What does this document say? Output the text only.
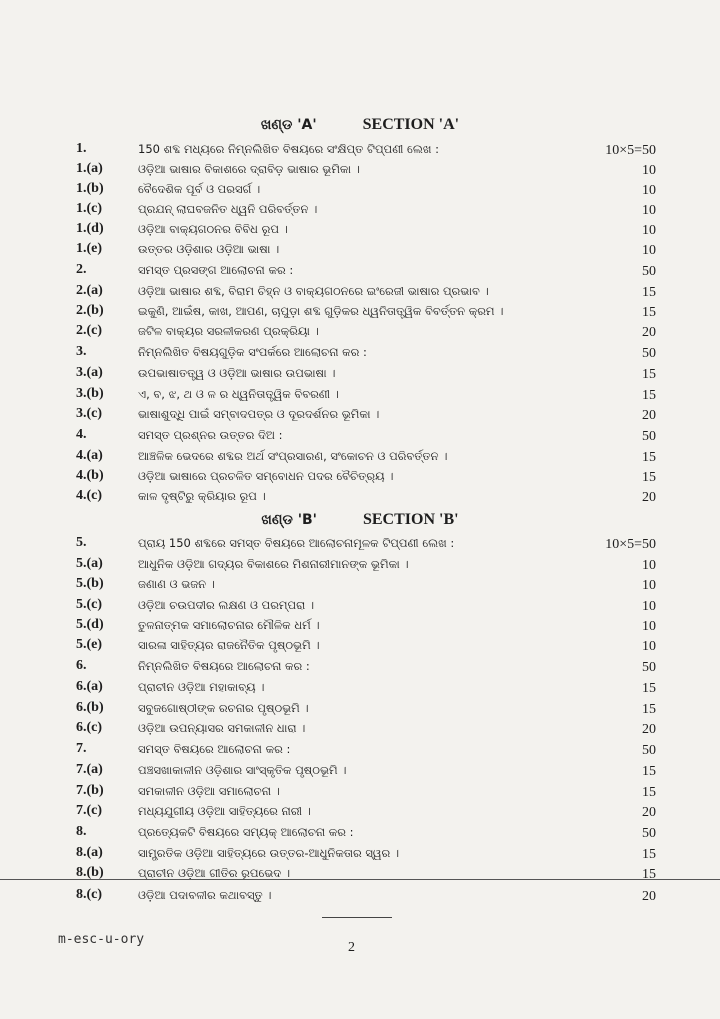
ଖଣ୍ଡ 'A'	SECTION 'A'
1.	150 ଶବ୍ଦ ମଧ୍ୟରେ ନିମ୍ନଲିଖିତ ବିଷୟରେ ସଂକ୍ଷିପ୍ତ ଟିପ୍ପଣୀ ଲେଖ :	10×5=50
1.(a)	ଓଡ଼ିଆ ଭାଷାର ବିକାଶରେ ଦ୍ରାବିଡ଼ ଭାଷାର ଭୂମିକା ।	10
1.(b)	ବୈଦେଶିକ ପୂର୍ବ ଓ ପରସର୍ଗ ।	10
1.(c)	ପ୍ରଯନ୍ ଲାଘବଜନିତ ଧ୍ୱନି ପରିବର୍ତ୍ତନ ।	10
1.(d)	ଓଡ଼ିଆ ବାକ୍ୟଗଠନର ବିବିଧ ରୂପ ।	10
1.(e)	ଉତ୍ତର ଓଡ଼ିଶାର ଓଡ଼ିଆ ଭାଷା ।	10
2.	ସମସ୍ତ ପ୍ରସଙ୍ଗ ଆଲୋଚନା କର :	50
2.(a)	ଓଡ଼ିଆ ଭାଷାର ଶବ୍ଦ, ବିରାମ ଚିହ୍ନ ଓ ବାକ୍ୟଗଠନରେ ଇଂରେଜୀ ଭାଷାର ପ୍ରଭାବ ।	15
2.(b)	ଇକୁଣି, ଆଇଁଷ, କାଖ, ଆପଣ, ଚାପୁଡ଼ା ଶବ୍ଦ ଗୁଡ଼ିକର ଧ୍ୱନିତାତ୍ତ୍ୱିକ ବିବର୍ତ୍ତନ କ୍ରମ ।	15
2.(c)	ଜଟିଳ ବାକ୍ୟର ସରଳୀକରଣ ପ୍ରକ୍ରିୟା ।	20
3.	ନିମ୍ନଲିଖିତ ବିଷୟଗୁଡ଼ିକ ସଂପର୍କରେ ଆଲୋଚନା କର :	50
3.(a)	ଉପଭାଷାତତ୍ତ୍ୱ ଓ ଓଡ଼ିଆ ଭାଷାର ଉପଭାଷା ।	15
3.(b)	ଏ, ବ, ଝ, ଥ ଓ ଳ ର ଧ୍ୱନିତାତ୍ତ୍ୱିକ ବିବରଣୀ ।	15
3.(c)	ଭାଷାଶୁଦ୍ଧି ପାଇଁ ସମ୍ବାଦପତ୍ର ଓ ଦୂରଦର୍ଶନର ଭୂମିକା ।	20
4.	ସମସ୍ତ ପ୍ରଶ୍ନର ଉତ୍ତର ଦିଅ :	50
4.(a)	ଆଞ୍ଚଳିକ ଭେଦରେ ଶବ୍ଦର ଅର୍ଥ ସଂପ୍ରସାରଣ, ସଂକୋଚନ ଓ ପରିବର୍ତ୍ତନ ।	15
4.(b)	ଓଡ଼ିଆ ଭାଷାରେ ପ୍ରଚଳିତ ସମ୍ବୋଧନ ପଦର ବୈଚିତ୍ର୍ୟ ।	15
4.(c)	କାଳ ଦୃଷ୍ଟିରୁ କ୍ରିୟାର ରୂପ ।	20
ଖଣ୍ଡ 'B'	SECTION 'B'
5.	ପ୍ରାୟ 150 ଶବ୍ଦରେ ସମସ୍ତ ବିଷୟରେ ଆଲୋଚନାମୂଳକ ଟିପ୍ପଣୀ ଲେଖ :	10×5=50
5.(a)	ଆଧୁନିକ ଓଡ଼ିଆ ଗଦ୍ୟର ବିକାଶରେ ମିଶନାରୀମାନଙ୍କ ଭୂମିକା ।	10
5.(b)	ଜଣାଣ ଓ ଭଜନ ।	10
5.(c)	ଓଡ଼ିଆ ଚଉପଦୀର ଲକ୍ଷଣ ଓ ପରମ୍ପରା ।	10
5.(d)	ତୁଳନାତ୍ମକ ସମାଲୋଚନାର ମୌଳିକ ଧର୍ମ ।	10
5.(e)	ସାରଳା ସାହିତ୍ୟର ରାଜନୈତିକ ପୃଷ୍ଠଭୂମି ।	10
6.	ନିମ୍ନଲିଖିତ ବିଷୟରେ ଆଲୋଚନା କର :	50
6.(a)	ପ୍ରାଚୀନ ଓଡ଼ିଆ ମହାକାବ୍ୟ ।	15
6.(b)	ସବୁଜଗୋଷ୍ଠୀଙ୍କ ରଚନାର ପୃଷ୍ଠଭୂମି ।	15
6.(c)	ଓଡ଼ିଆ ଉପନ୍ୟାସର ସମକାଳୀନ ଧାରା ।	20
7.	ସମସ୍ତ ବିଷୟରେ ଆଲୋଚନା କର :	50
7.(a)	ପଞ୍ଚସଖାକାଳୀନ ଓଡ଼ିଶାର ସାଂସ୍କୃତିକ ପୃଷ୍ଠଭୂମି ।	15
7.(b)	ସମକାଳୀନ ଓଡ଼ିଆ ସମାଲୋଚନା ।	15
7.(c)	ମଧ୍ୟଯୁଗୀୟ ଓଡ଼ିଆ ସାହିତ୍ୟରେ ନାରୀ ।	20
8.	ପ୍ରତ୍ୟେକଟି ବିଷୟରେ ସମ୍ୟକ୍ ଆଲୋଚନା କର :	50
8.(a)	ସାମ୍ପ୍ରତିକ ଓଡ଼ିଆ ସାହିତ୍ୟରେ ଉତ୍ତର-ଆଧୁନିକତାର ସ୍ୱର ।	15
8.(b)	ପ୍ରାଚୀନ ଓଡ଼ିଆ ଗୀତିର ରୂପଭେଦ ।	15
8.(c)	ଓଡ଼ିଆ ପଦାବଳୀର କଥାବସ୍ତୁ ।	20
m-esc-u-ory
2
